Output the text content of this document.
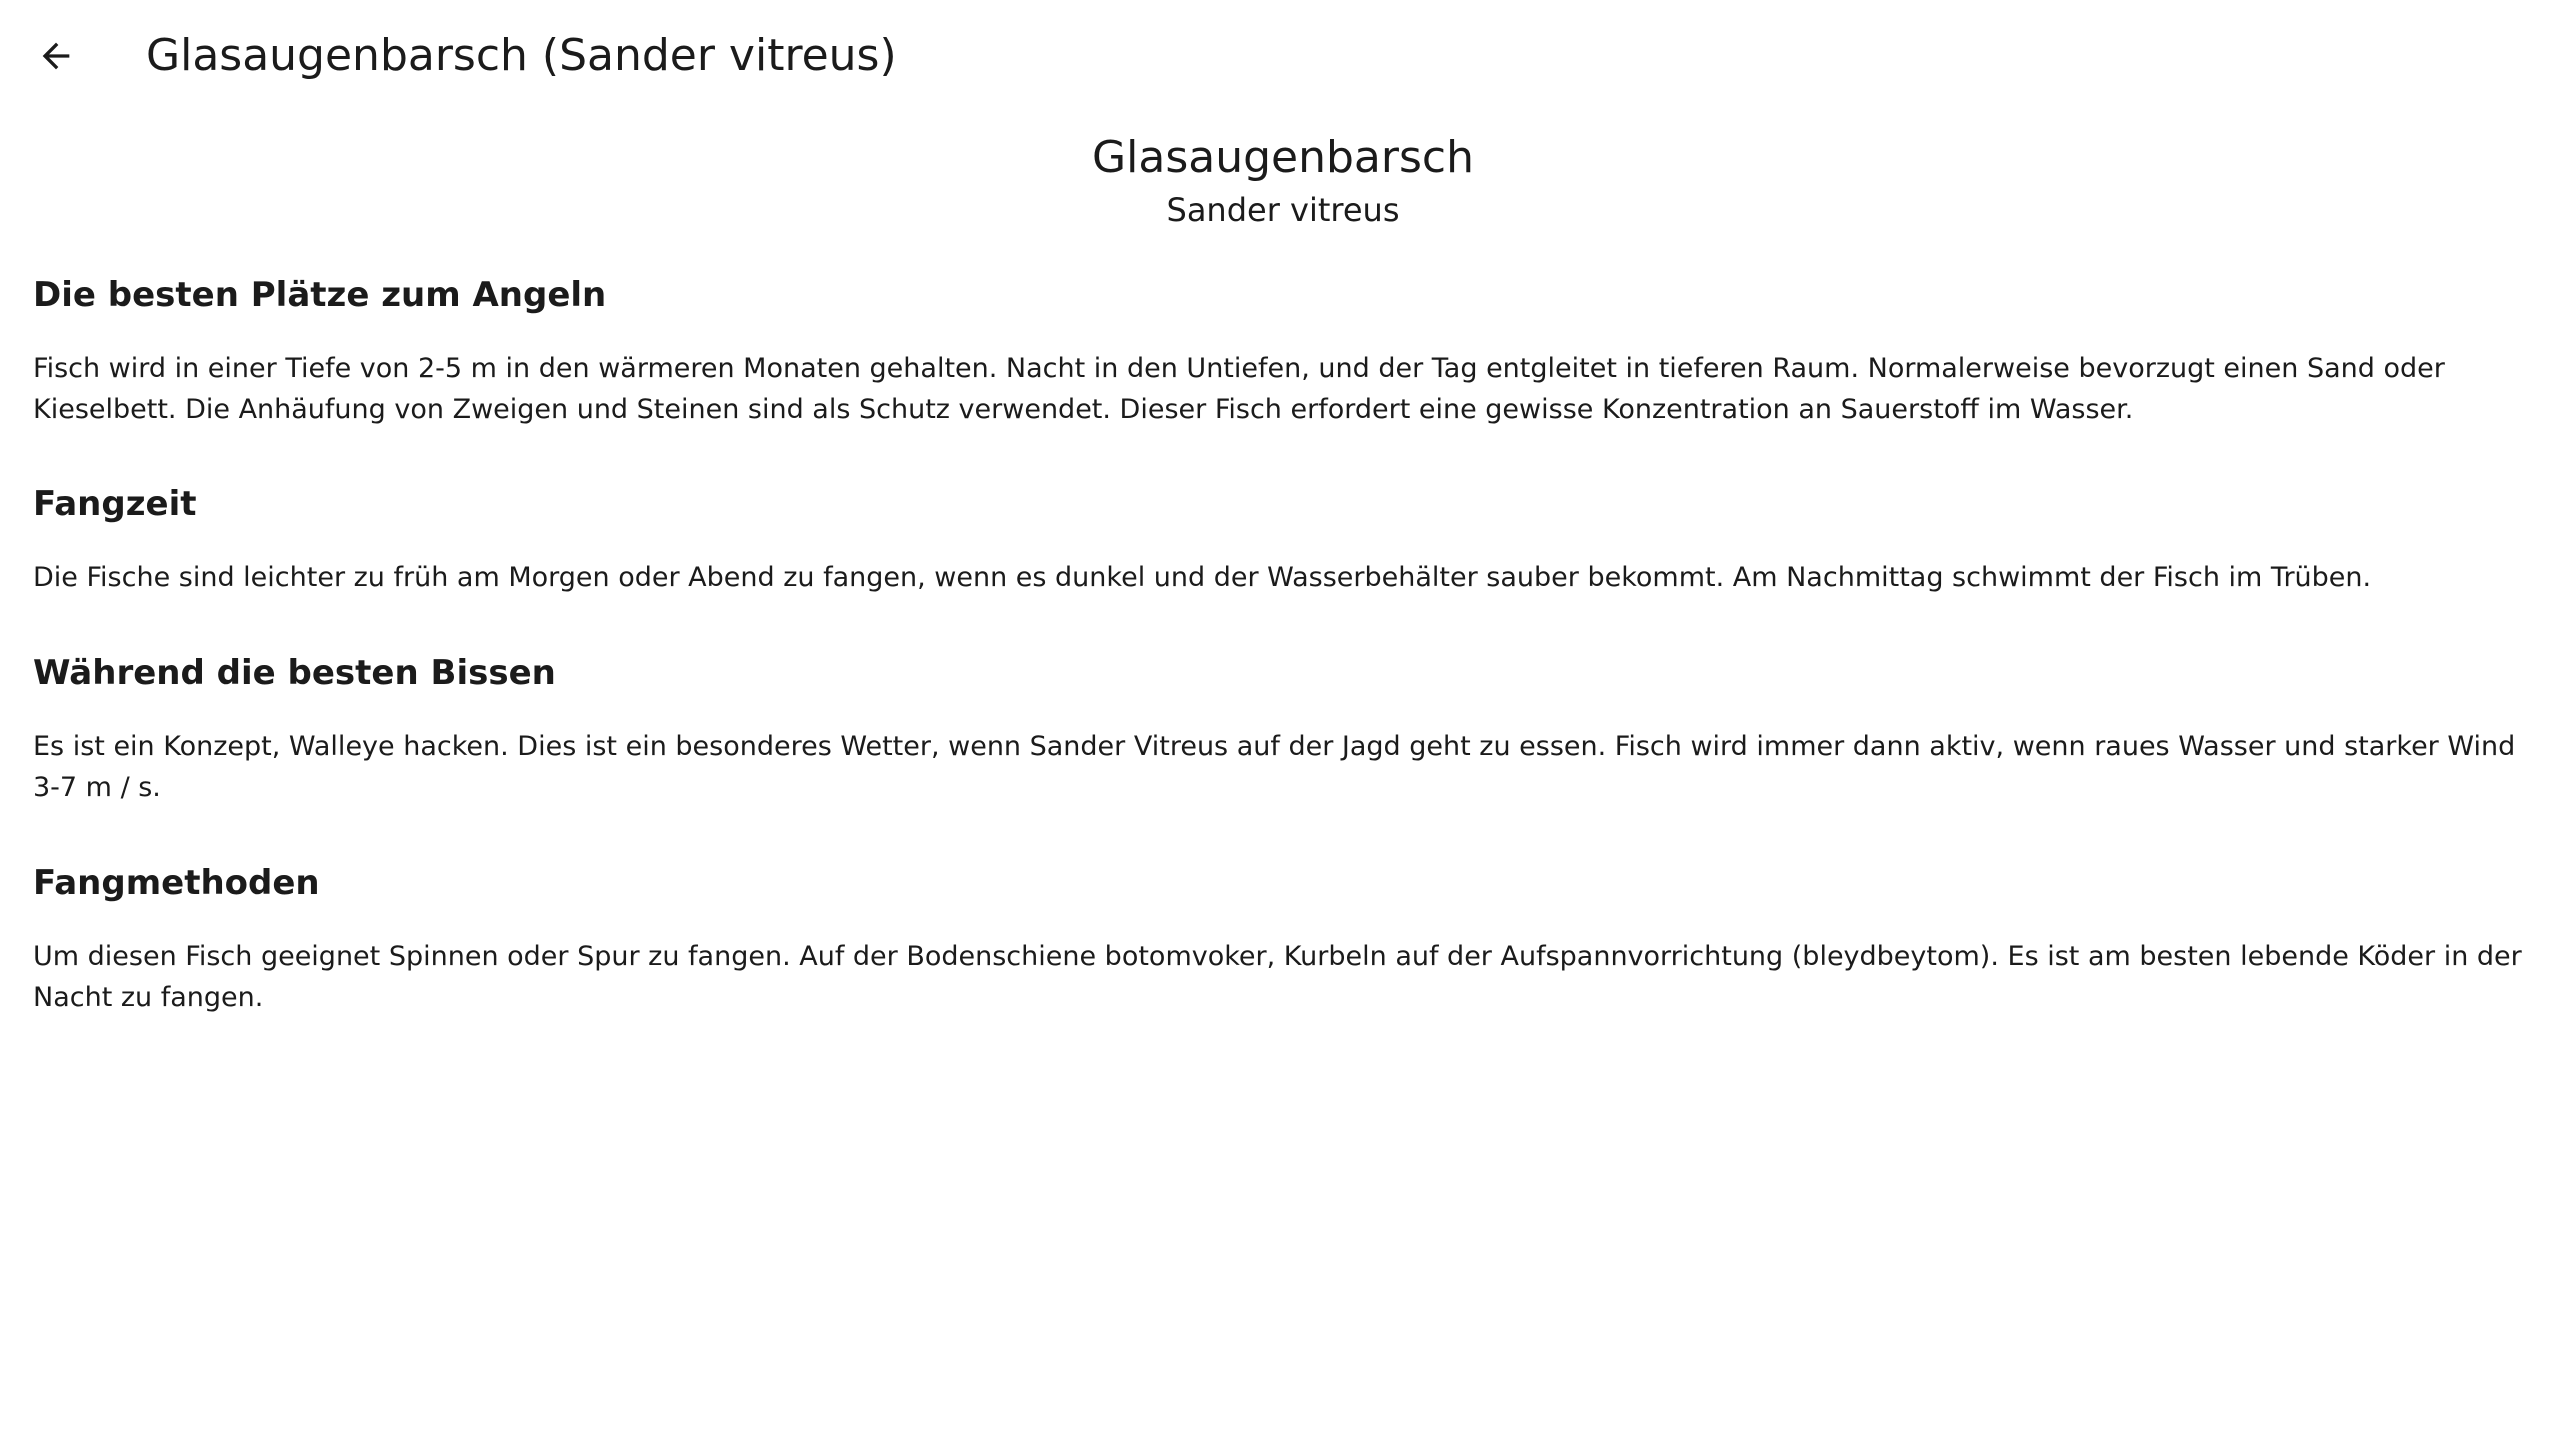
Glasaugenbarsch (Sander vitreus)
Glasaugenbarsch
Sander vitreus
Die besten Plätze zum Angeln

Fisch wird in einer Tiefe von 2-5 m in den wärmeren Monaten gehalten. Nacht in den Untiefen, und der Tag entgleitet in tieferen Raum. Normalerweise bevorzugt einen Sand oder Kieselbett. Die Anhäufung von Zweigen und Steinen sind als Schutz verwendet. Dieser Fisch erfordert eine gewisse Konzentration an Sauerstoff im Wasser.

Fangzeit

Die Fische sind leichter zu früh am Morgen oder Abend zu fangen, wenn es dunkel und der Wasserbehälter sauber bekommt. Am Nachmittag schwimmt der Fisch im Trüben.

Während die besten Bissen

Es ist ein Konzept, Walleye hacken. Dies ist ein besonderes Wetter, wenn Sander Vitreus auf der Jagd geht zu essen. Fisch wird immer dann aktiv, wenn raues Wasser und starker Wind 3-7 m / s.

Fangmethoden

Um diesen Fisch geeignet Spinnen oder Spur zu fangen. Auf der Bodenschiene botomvoker, Kurbeln auf der Aufspannvorrichtung (bleydbeytom). Es ist am besten lebende Köder in der Nacht zu fangen.
